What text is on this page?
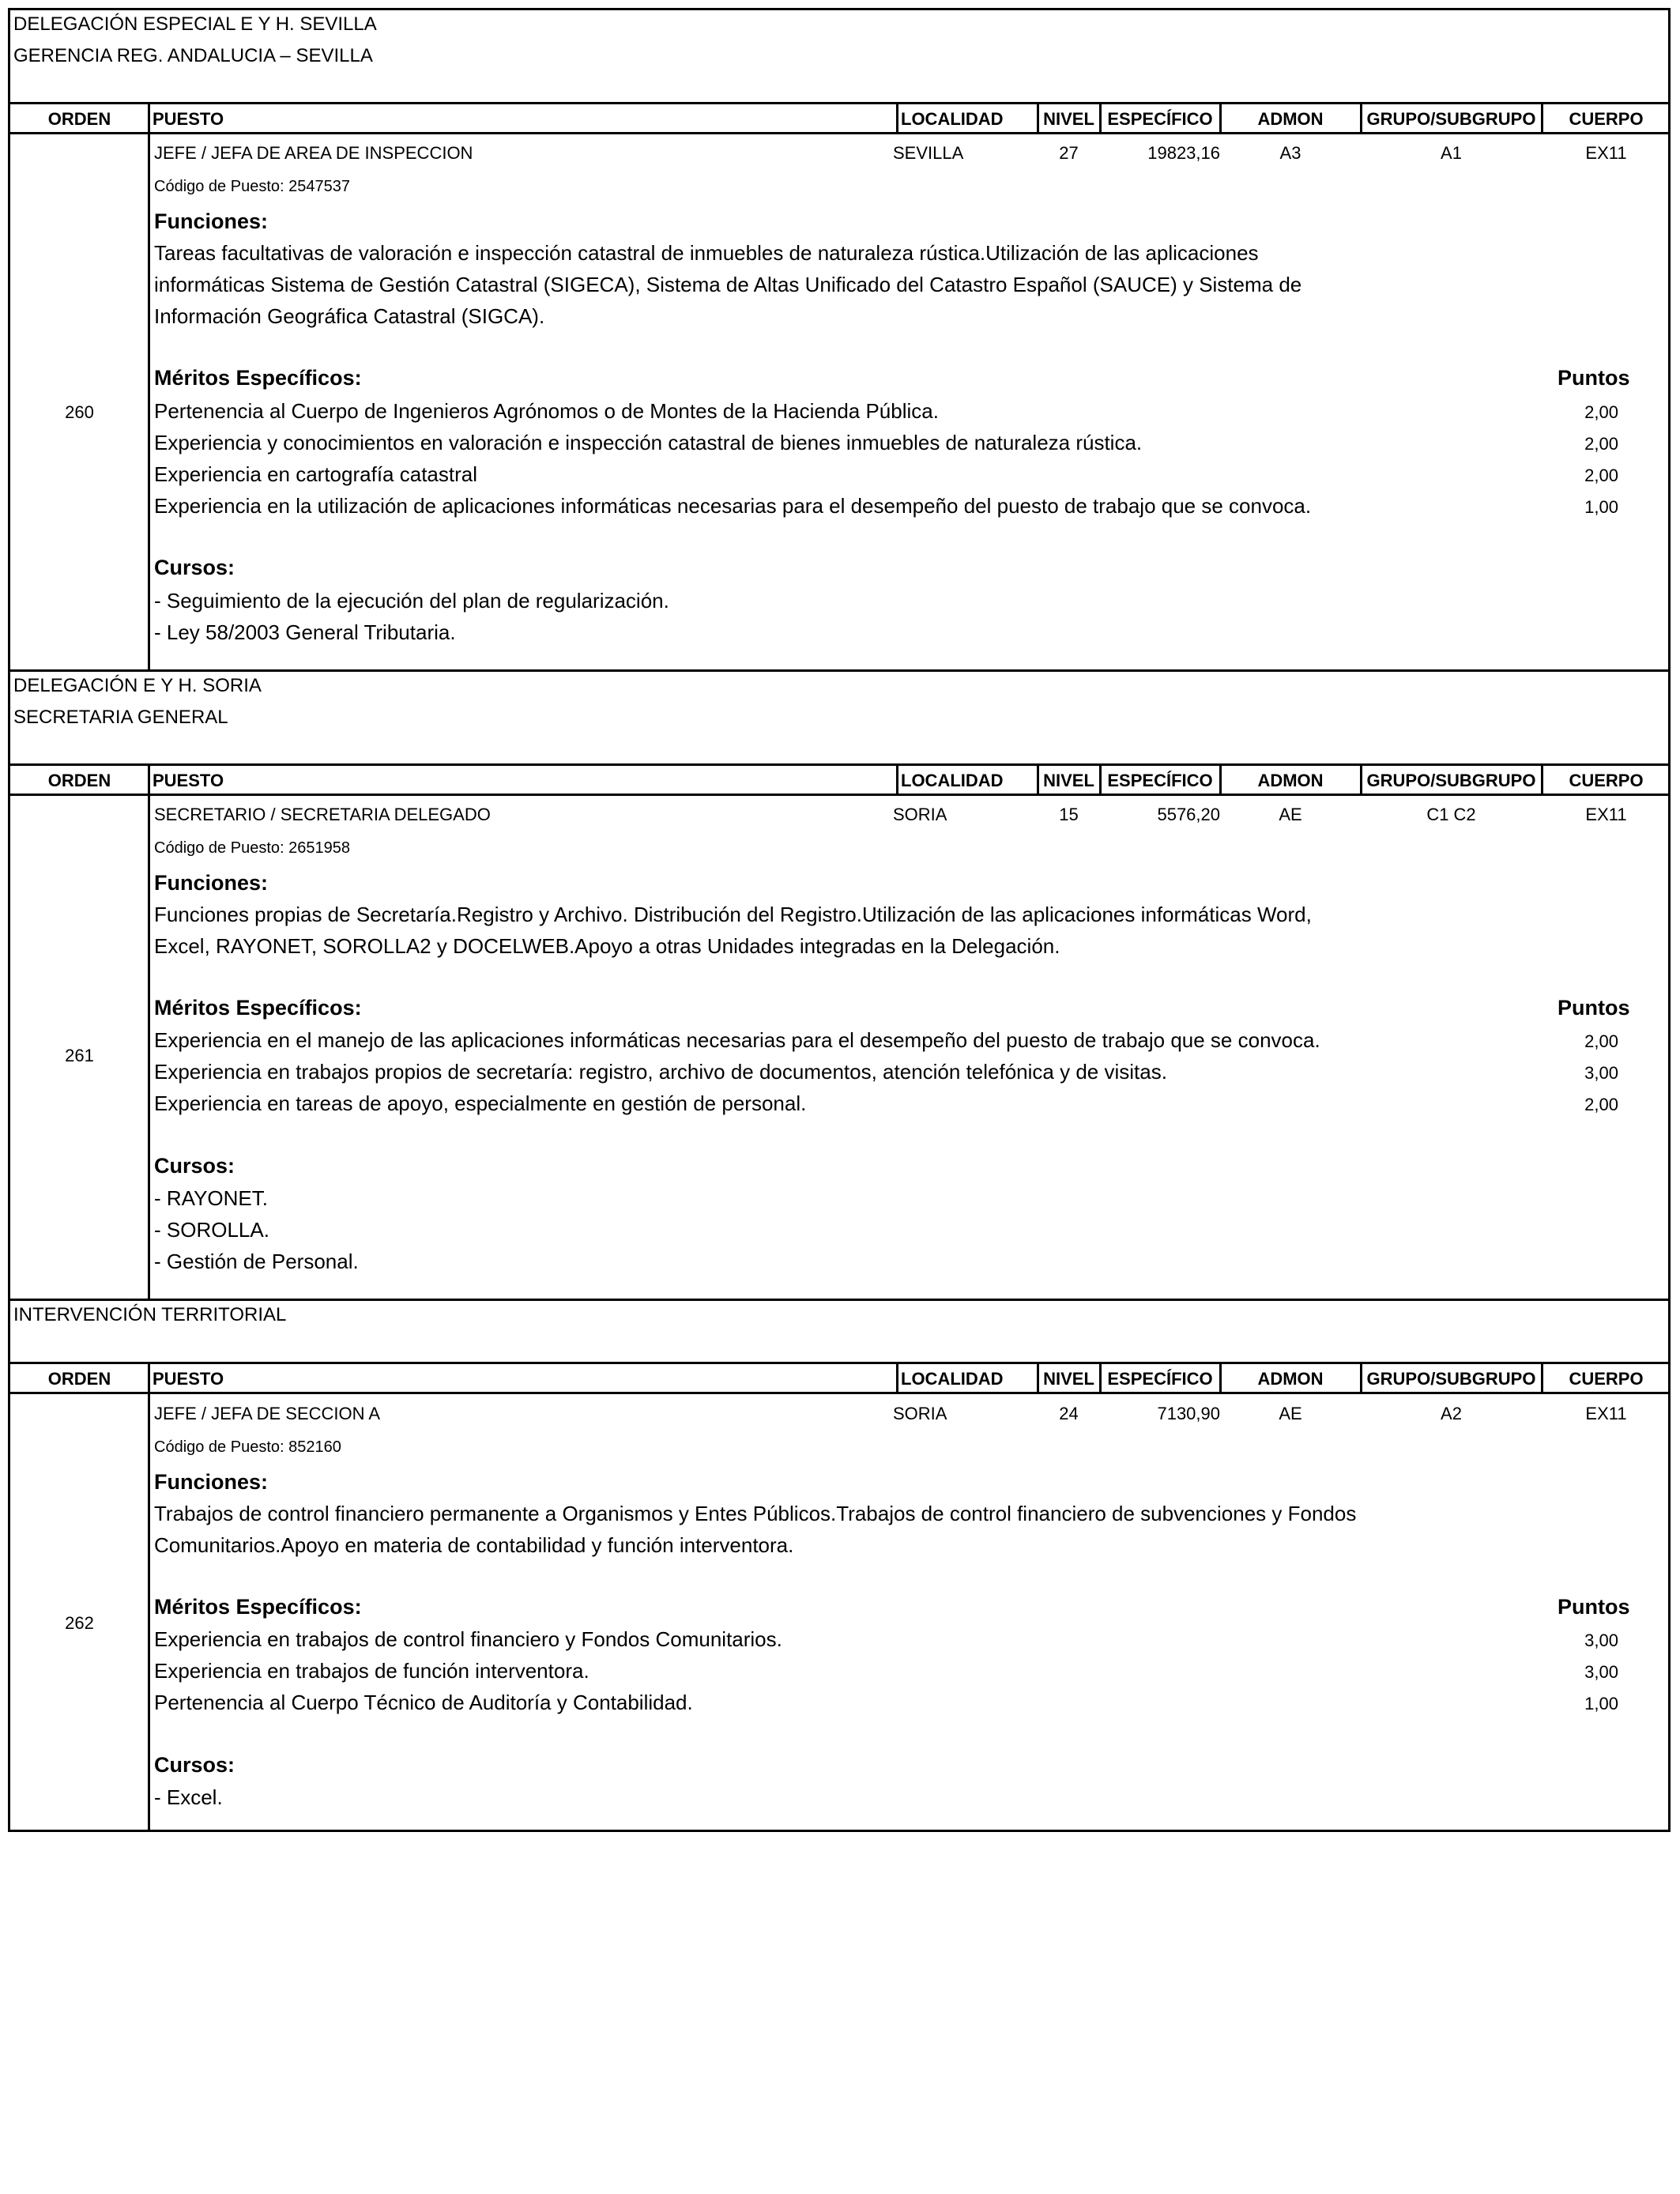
DELEGACIÓN ESPECIAL E Y H. SEVILLA
GERENCIA REG. ANDALUCIA – SEVILLA
ORDEN	PUESTO	LOCALIDAD	NIVEL ESPECÍFICO	ADMON	GRUPO/SUBGRUPO	CUERPO
260
JEFE / JEFA DE AREA DE INSPECCION	SEVILLA	27	19823,16	A3	A1	EX11
Código de Puesto: 2547537
Funciones:
Tareas facultativas de valoración e inspección catastral de inmuebles de naturaleza rústica.Utilización de las aplicaciones
informáticas Sistema de Gestión Catastral (SIGECA), Sistema de Altas Unificado del Catastro Español (SAUCE) y Sistema de
Información Geográfica Catastral (SIGCA).
Méritos Específicos:	Puntos
Pertenencia al Cuerpo de Ingenieros Agrónomos o de Montes de la Hacienda Pública.	2,00
Experiencia y conocimientos en valoración e inspección catastral de bienes inmuebles de naturaleza rústica.	2,00
Experiencia en cartografía catastral	2,00
Experiencia en la utilización de aplicaciones informáticas necesarias para el desempeño del puesto de trabajo que se convoca.	1,00
Cursos:
- Seguimiento de la ejecución del plan de regularización.
- Ley 58/2003 General Tributaria.
DELEGACIÓN E Y H. SORIA
SECRETARIA GENERAL
ORDEN	PUESTO	LOCALIDAD	NIVEL ESPECÍFICO	ADMON	GRUPO/SUBGRUPO	CUERPO
261
SECRETARIO / SECRETARIA DELEGADO	SORIA	15	5576,20	AE	C1 C2	EX11
Código de Puesto: 2651958
Funciones:
Funciones propias de Secretaría.Registro y Archivo. Distribución del Registro.Utilización de las aplicaciones informáticas Word,
Excel, RAYONET, SOROLLA2 y DOCELWEB.Apoyo a otras Unidades integradas en la Delegación.
Méritos Específicos:	Puntos
Experiencia en el manejo de las aplicaciones informáticas necesarias para el desempeño del puesto de trabajo que se convoca.	2,00
Experiencia en trabajos propios de secretaría: registro, archivo de documentos, atención telefónica y de visitas.	3,00
Experiencia en tareas de apoyo, especialmente en gestión de personal.	2,00
Cursos:
- RAYONET.
- SOROLLA.
- Gestión de Personal.
INTERVENCIÓN TERRITORIAL
ORDEN	PUESTO	LOCALIDAD	NIVEL ESPECÍFICO	ADMON	GRUPO/SUBGRUPO	CUERPO
262
JEFE / JEFA DE SECCION A	SORIA	24	7130,90	AE	A2	EX11
Código de Puesto: 852160
Funciones:
Trabajos de control financiero permanente a Organismos y Entes Públicos.Trabajos de control financiero de subvenciones y Fondos
Comunitarios.Apoyo en materia de contabilidad y función interventora.
Méritos Específicos:	Puntos
Experiencia en trabajos de control financiero y Fondos Comunitarios.	3,00
Experiencia en trabajos de función interventora.	3,00
Pertenencia al Cuerpo Técnico de Auditoría y Contabilidad.	1,00
Cursos:
- Excel.
